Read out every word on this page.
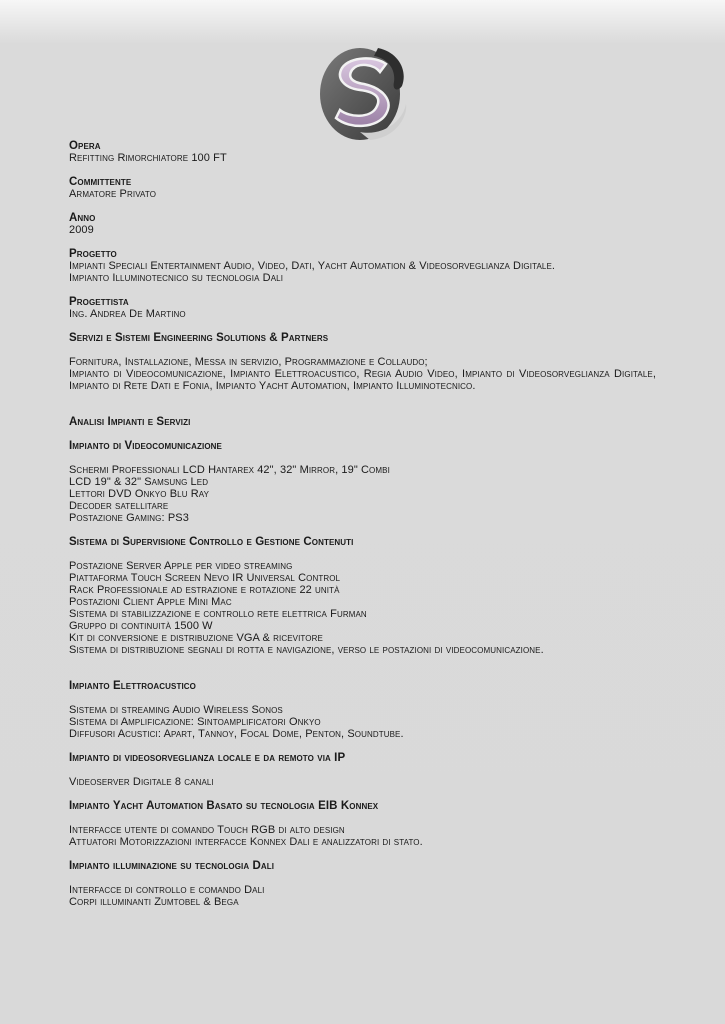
Opera
Refitting Rimorchiatore 100 FT
Committente
Armatore Privato
Anno
2009
Progetto
Impianti Speciali Entertainment Audio, Video, Dati, Yacht Automation & Videosorveglianza Digitale.
Impianto Illuminotecnico su tecnologia Dali
Progettista
Ing. Andrea De Martino
Servizi e Sistemi Engineering Solutions & Partners
Fornitura, Installazione, Messa in servizio, Programmazione e Collaudo;
Impianto di Videocomunicazione, Impianto Elettroacustico, Regia Audio Video, Impianto di Videosorveglianza Digitale, Impianto di Rete Dati e Fonia, Impianto Yacht Automation, Impianto Illuminotecnico.
Analisi Impianti e Servizi
Impianto di Videocomunicazione
Schermi Professionali LCD Hantarex 42", 32" Mirror, 19" Combi
LCD 19" & 32" Samsung Led
Lettori DVD Onkyo Blu Ray
Decoder satellitare
Postazione Gaming: PS3
Sistema di Supervisione Controllo e Gestione Contenuti
Postazione Server Apple per video streaming
Piattaforma Touch Screen Nevo IR Universal Control
Rack Professionale ad estrazione e rotazione 22 unità
Postazioni Client Apple Mini Mac
Sistema di stabilizzazione e controllo rete elettrica Furman
Gruppo di continuità 1500 W
Kit di conversione e distribuzione VGA & ricevitore
Sistema di distribuzione segnali di rotta e navigazione, verso le postazioni di videocomunicazione.
Impianto Elettroacustico
Sistema di streaming Audio Wireless Sonos
Sistema di Amplificazione: Sintoamplificatori Onkyo
Diffusori Acustici: Apart, Tannoy, Focal Dome, Penton, Soundtube.
Impianto di videosorveglianza locale e da remoto via IP
Videoserver Digitale 8 canali
Impianto Yacht Automation Basato su tecnologia EIB Konnex
Interfacce utente di comando Touch RGB di alto design
Attuatori Motorizzazioni interfacce Konnex Dali e analizzatori di stato.
Impianto illuminazione su tecnologia Dali
Interfacce di controllo e comando Dali
Corpi illuminanti Zumtobel & Bega
